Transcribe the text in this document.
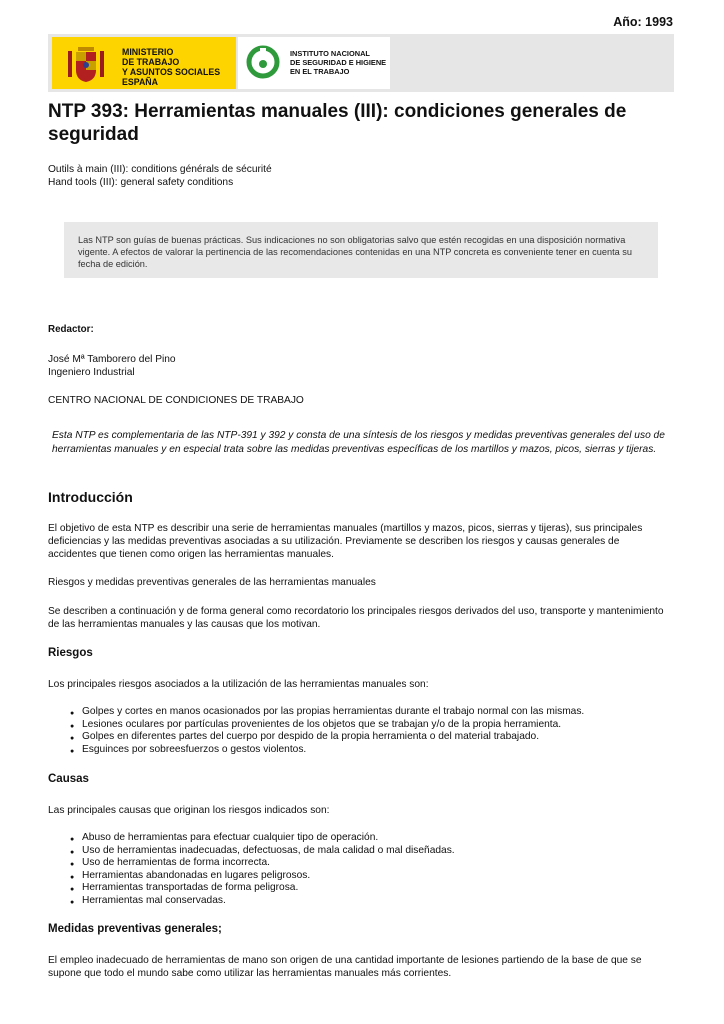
Año: 1993
MINISTERIO
DE TRABAJO
Y ASUNTOS SOCIALES
ESPAÑA
INSTITUTO NACIONAL
DE SEGURIDAD E HIGIENE
EN EL TRABAJO
NTP 393: Herramientas manuales (III): condiciones generales de seguridad

Outils à main (III): conditions générals de sécurité

Hand tools (III): general safety conditions

Las NTP son guías de buenas prácticas. Sus indicaciones no son obligatorias salvo que estén recogidas en una disposición normativa vigente. A efectos de valorar la pertinencia de las recomendaciones contenidas en una NTP concreta es conveniente tener en cuenta su fecha de edición.

Redactor:

José Mª Tamborero del Pino

Ingeniero Industrial

CENTRO NACIONAL DE CONDICIONES DE TRABAJO

Esta NTP es complementaria de las NTP-391 y 392 y consta de una síntesis de los riesgos y medidas preventivas generales del uso de herramientas manuales y en especial trata sobre las medidas preventivas específicas de los martillos y mazos, picos, sierras y tijeras.

Introducción

El objetivo de esta NTP es describir una serie de herramientas manuales (martillos y mazos, picos, sierras y tijeras), sus principales deficiencias y las medidas preventivas asociadas a su utilización. Previamente se describen los riesgos y causas generales de accidentes que tienen como origen las herramientas manuales.

Riesgos y medidas preventivas generales de las herramientas manuales

Se describen a continuación y de forma general como recordatorio los principales riesgos derivados del uso, transporte y mantenimiento de las herramientas manuales y las causas que los motivan.

Riesgos

Los principales riesgos asociados a la utilización de las herramientas manuales son:

● Golpes y cortes en manos ocasionados por las propias herramientas durante el trabajo normal con las mismas.
● Lesiones oculares por partículas provenientes de los objetos que se trabajan y/o de la propia herramienta.
● Golpes en diferentes partes del cuerpo por despido de la propia herramienta o del material trabajado.
● Esguinces por sobreesfuerzos o gestos violentos.
Causas

Las principales causas que originan los riesgos indicados son:

● Abuso de herramientas para efectuar cualquier tipo de operación.
● Uso de herramientas inadecuadas, defectuosas, de mala calidad o mal diseñadas.
● Uso de herramientas de forma incorrecta.
● Herramientas abandonadas en lugares peligrosos.
● Herramientas transportadas de forma peligrosa.
● Herramientas mal conservadas.
Medidas preventivas generales;

El empleo inadecuado de herramientas de mano son origen de una cantidad importante de lesiones partiendo de la base de que se supone que todo el mundo sabe como utilizar las herramientas manuales más corrientes.
